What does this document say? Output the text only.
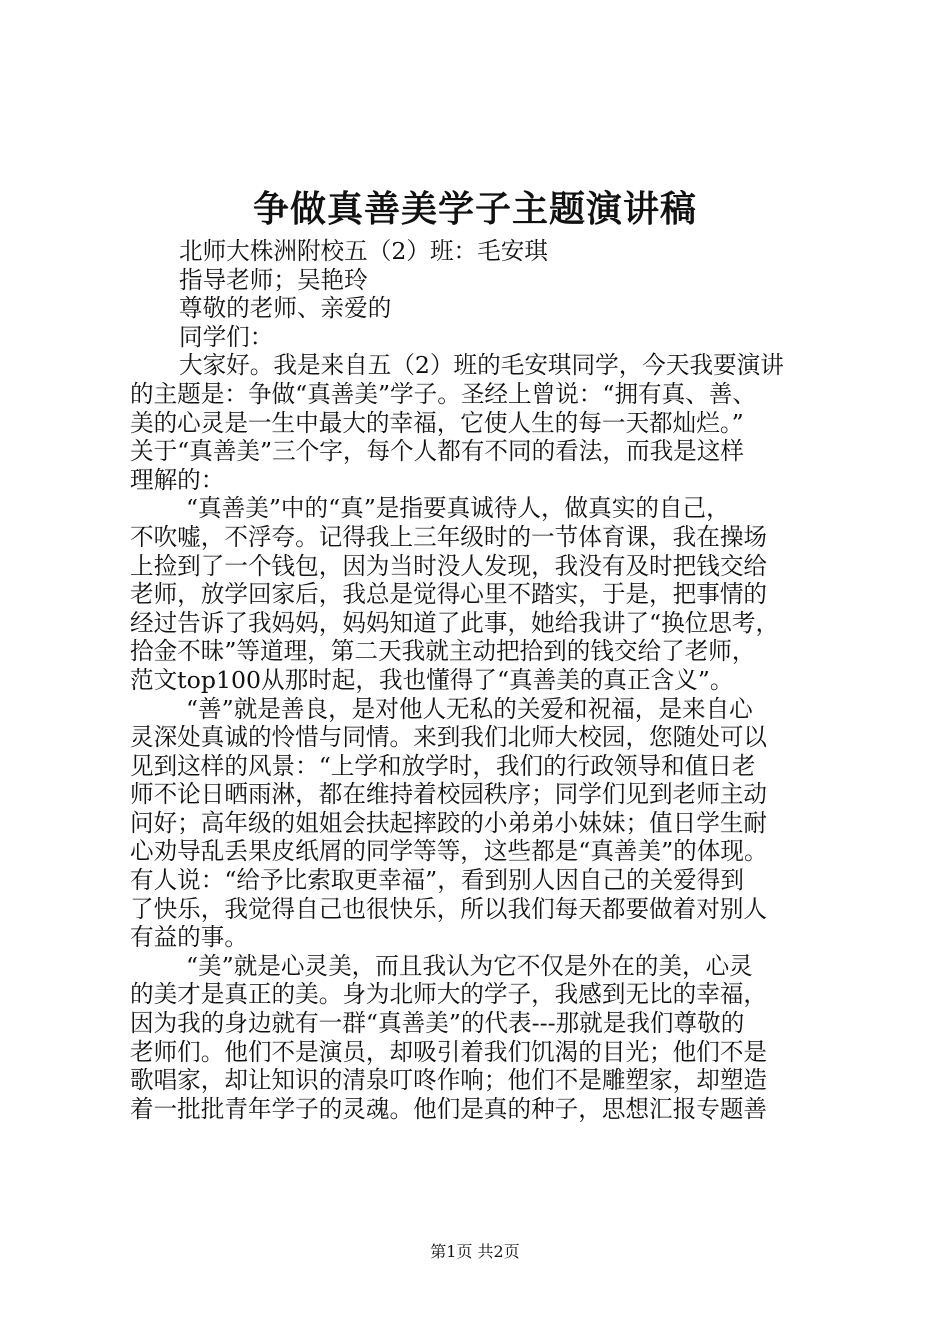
争做真善美学子主题演讲稿
北师大株洲附校五（2）班：毛安琪
指导老师；吴艳玲
尊敬的老师、亲爱的
同学们：
大家好。我是来自五（2）班的毛安琪同学，今天我要演讲
的主题是：争做“真善美”学子。圣经上曾说：“拥有真、善、
美的心灵是一生中最大的幸福，它使人生的每一天都灿烂。”
关于“真善美”三个字，每个人都有不同的看法，而我是这样
理解的：
“真善美”中的“真”是指要真诚待人，做真实的自己，
不吹嘘，不浮夸。记得我上三年级时的一节体育课，我在操场
上捡到了一个钱包，因为当时没人发现，我没有及时把钱交给
老师，放学回家后，我总是觉得心里不踏实，于是，把事情的
经过告诉了我妈妈，妈妈知道了此事，她给我讲了“换位思考，
拾金不昧”等道理，第二天我就主动把拾到的钱交给了老师，
范文top100从那时起，我也懂得了“真善美的真正含义”。
“善”就是善良，是对他人无私的关爱和祝福，是来自心
灵深处真诚的怜惜与同情。来到我们北师大校园，您随处可以
见到这样的风景：“上学和放学时，我们的行政领导和值日老
师不论日晒雨淋，都在维持着校园秩序；同学们见到老师主动
问好；高年级的姐姐会扶起摔跤的小弟弟小妹妹；值日学生耐
心劝导乱丢果皮纸屑的同学等等，这些都是“真善美”的体现。
有人说：“给予比索取更幸福”，看到别人因自己的关爱得到
了快乐，我觉得自己也很快乐，所以我们每天都要做着对别人
有益的事。
“美”就是心灵美，而且我认为它不仅是外在的美，心灵
的美才是真正的美。身为北师大的学子，我感到无比的幸福，
因为我的身边就有一群“真善美”的代表---那就是我们尊敬的
老师们。他们不是演员，却吸引着我们饥渴的目光；他们不是
歌唱家，却让知识的清泉叮咚作响；他们不是雕塑家，却塑造
着一批批青年学子的灵魂。他们是真的种子，思想汇报专题善
第1页 共2页
